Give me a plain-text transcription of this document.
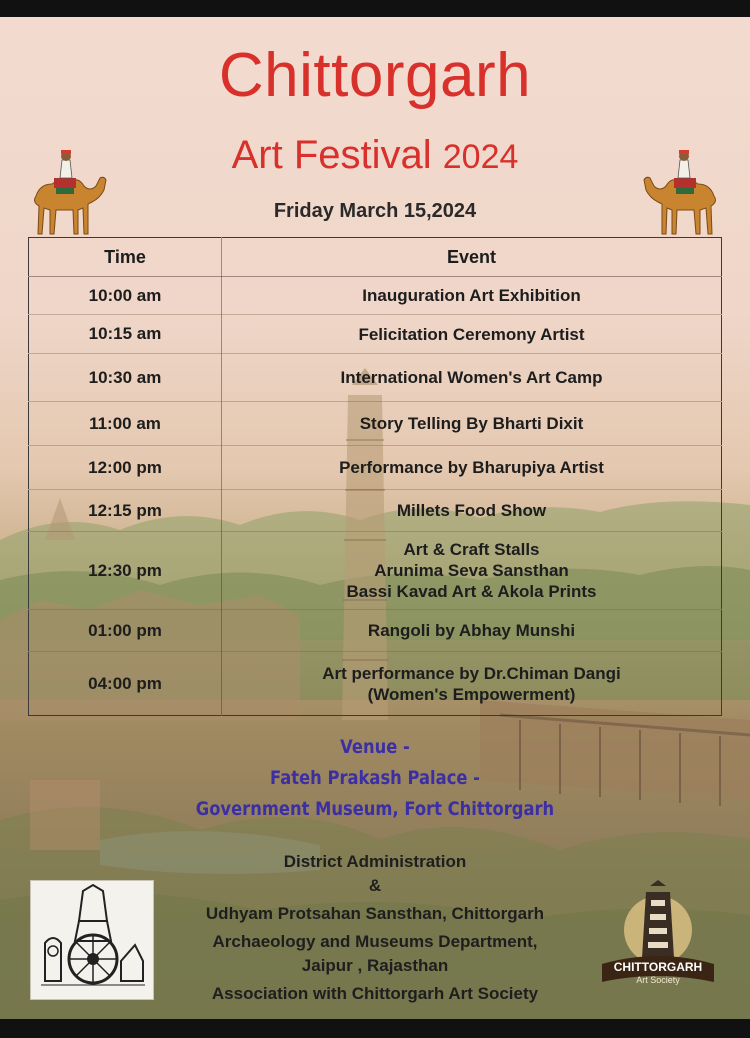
Chittorgarh
Art Festival 2024
Friday March 15,2024
Time	Event
10:00 am	Inauguration Art Exhibition

10:15 am	Felicitation Ceremony Artist

10:30 am	International Women's Art Camp

11:00 am	Story Telling By Bharti Dixit

12:00 pm	Performance by Bharupiya Artist

12:15 pm	Millets Food Show

12:30 pm	Art & Craft Stalls
Arunima Seva Sansthan
Bassi Kavad Art & Akola Prints

01:00 pm	Rangoli by Abhay Munshi

04:00 pm	Art performance by Dr.Chiman Dangi
(Women's Empowerment)
Venue -
Fateh Prakash Palace -
Government Museum, Fort Chittorgarh
District Administration
&
Udhyam Protsahan Sansthan, Chittorgarh
Archaeology and Museums Department,
Jaipur , Rajasthan
Association with Chittorgarh Art Society
CHITTORGARH
Art Society
